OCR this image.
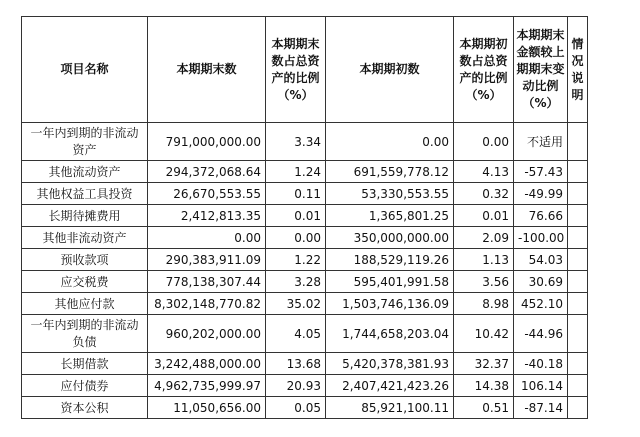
项目名称	本期期末数	本期期末数占总资产的比例（%）	本期期初数	本期期初数占总资产的比例（%）	本期期末金额较上期期末变动比例（%）	情况说明
一年内到期的非流动资产	791,000,000.00	3.34	0.00	0.00	不适用	
其他流动资产	294,372,068.64	1.24	691,559,778.12	4.13	-57.43	
其他权益工具投资	26,670,553.55	0.11	53,330,553.55	0.32	-49.99	
长期待摊费用	2,412,813.35	0.01	1,365,801.25	0.01	76.66	
其他非流动资产	0.00	0.00	350,000,000.00	2.09	-100.00	
预收款项	290,383,911.09	1.22	188,529,119.26	1.13	54.03	
应交税费	778,138,307.44	3.28	595,401,991.58	3.56	30.69	
其他应付款	8,302,148,770.82	35.02	1,503,746,136.09	8.98	452.10	
一年内到期的非流动负债	960,202,000.00	4.05	1,744,658,203.04	10.42	-44.96	
长期借款	3,242,488,000.00	13.68	5,420,378,381.93	32.37	-40.18	
应付债券	4,962,735,999.97	20.93	2,407,421,423.26	14.38	106.14	
资本公积	11,050,656.00	0.05	85,921,100.11	0.51	-87.14	
